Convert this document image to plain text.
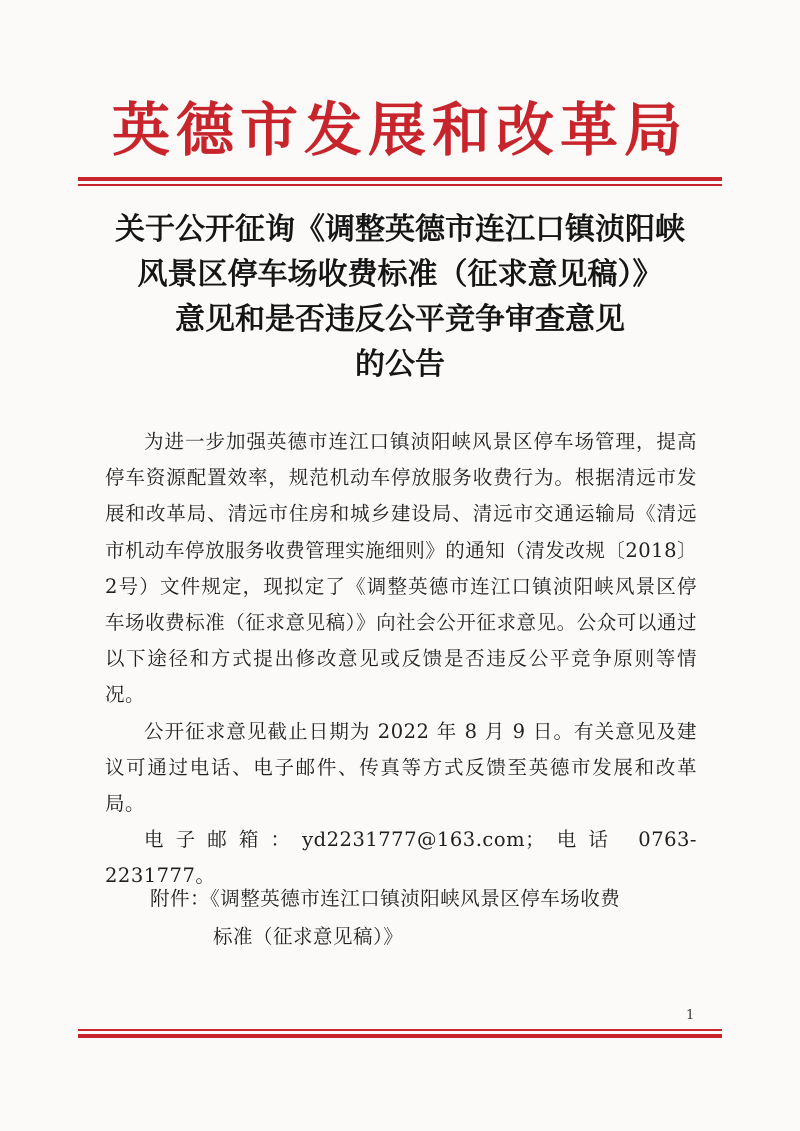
英德市发展和改革局
关于公开征询《调整英德市连江口镇浈阳峡
风景区停车场收费标准（征求意见稿）》
意见和是否违反公平竞争审查意见
的公告

为进一步加强英德市连江口镇浈阳峡风景区停车场管理，提高停车资源配置效率，规范机动车停放服务收费行为。根据清远市发展和改革局、清远市住房和城乡建设局、清远市交通运输局《清远市机动车停放服务收费管理实施细则》的通知（清发改规〔2018〕2号）文件规定，现拟定了《调整英德市连江口镇浈阳峡风景区停车场收费标准（征求意见稿）》向社会公开征求意见。公众可以通过以下途径和方式提出修改意见或反馈是否违反公平竞争原则等情况。

公开征求意见截止日期为 2022 年 8 月 9 日。有关意见及建议可通过电话、电子邮件、传真等方式反馈至英德市发展和改革局。

电子邮箱：yd2231777@163.com；电话 0763-2231777。

附件：《调整英德市连江口镇浈阳峡风景区停车场收费
标准（征求意见稿）》
1
